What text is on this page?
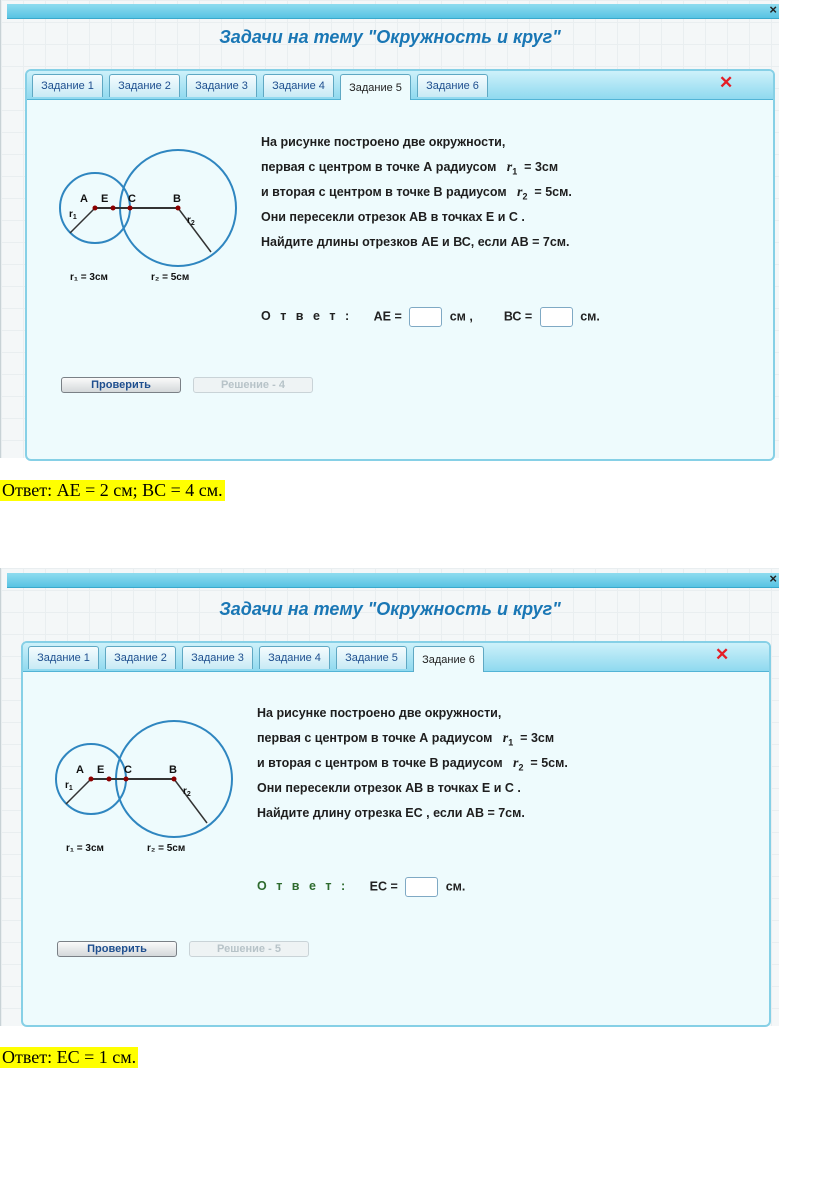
×
Задачи на тему "Окружность и круг"
Задание 1	Задание 2	Задание 3	Задание 4	Задание 5	Задание 6	✕
A E C	B
$r_1$	$r_2$
r₁ = 3см	r₂ = 5см
На рисунке построено две окружности,
первая с центром в точке А радиусом $r_1 = 3см$
и вторая с центром в точке В радиусом $r_2 = 5см$.
Они пересекли отрезок АВ в точках Е и С .
Найдите длины отрезков АЕ и ВС, если АВ = 7см.
О т в е т : АЕ =	см , ВС =	см.
Проверить	Решение - 4
Ответ: АЕ = 2 см; ВС = 4 см.
×
Задачи на тему "Окружность и круг"
Задание 1	Задание 2	Задание 3	Задание 4	Задание 5	Задание 6	✕
A E C	B
$r_1$	$r_2$
r₁ = 3см	r₂ = 5см
На рисунке построено две окружности,
первая с центром в точке А радиусом $r_1 = 3см$
и вторая с центром в точке В радиусом $r_2 = 5см$.
Они пересекли отрезок АВ в точках Е и С .
Найдите длину отрезка ЕС , если АВ = 7см.
О т в е т : ЕС =	см.
Проверить	Решение - 5
Ответ: ЕС = 1 см.
